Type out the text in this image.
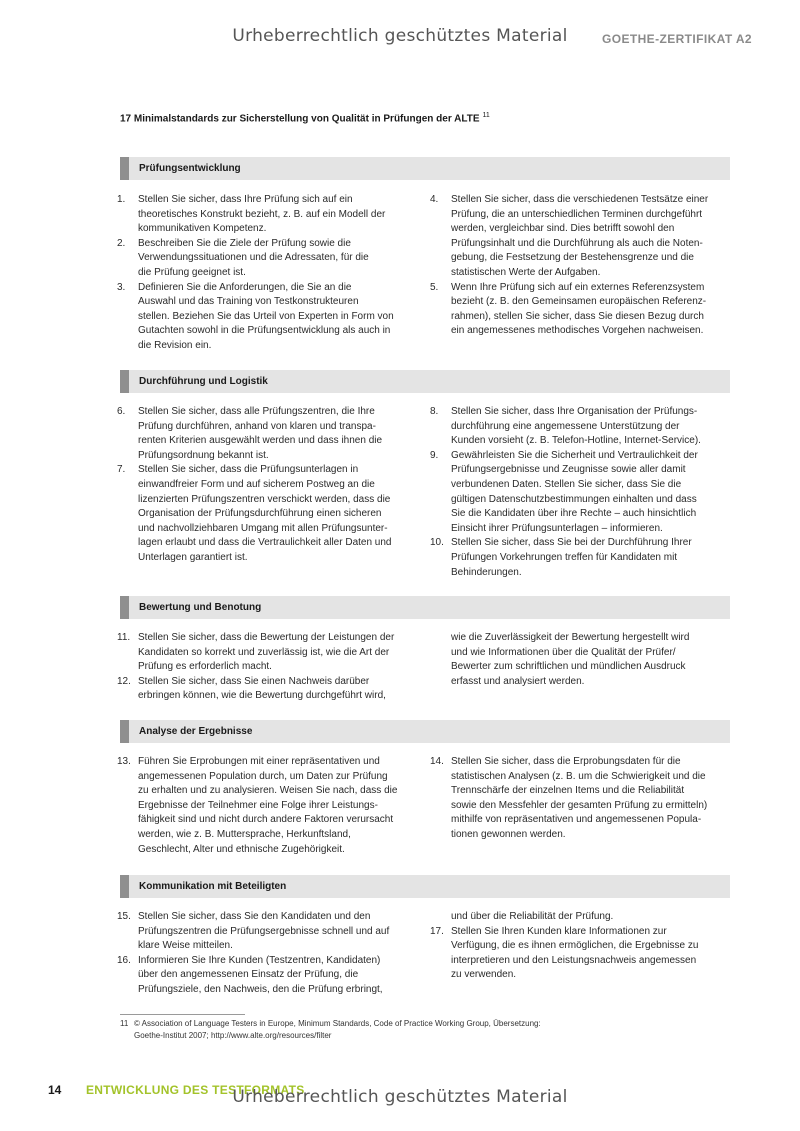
Urheberrechtlich geschütztes Material	GOETHE-ZERTIFIKAT A2
17 Minimalstandards zur Sicherstellung von Qualität in Prüfungen der ALTE $^{11}$
Prüfungsentwicklung
1.	Stellen Sie sicher, dass Ihre Prüfung sich auf ein
theoretisches Konstrukt bezieht, z. B. auf ein Modell der
kommunikativen Kompetenz.
2.	Beschreiben Sie die Ziele der Prüfung sowie die
Verwendungssituationen und die Adressaten, für die
die Prüfung geeignet ist.
3.	Definieren Sie die Anforderungen, die Sie an die
Auswahl und das Training von Testkonstrukteuren
stellen. Beziehen Sie das Urteil von Experten in Form von
Gutachten sowohl in die Prüfungsentwicklung als auch in
die Revision ein.
4.	Stellen Sie sicher, dass die verschiedenen Testsätze einer
Prüfung, die an unterschiedlichen Terminen durchgeführt
werden, vergleichbar sind. Dies betrifft sowohl den
Prüfungsinhalt und die Durchführung als auch die Noten-
gebung, die Festsetzung der Bestehensgrenze und die
statistischen Werte der Aufgaben.
5.	Wenn Ihre Prüfung sich auf ein externes Referenzsystem
bezieht (z. B. den Gemeinsamen europäischen Referenz-
rahmen), stellen Sie sicher, dass Sie diesen Bezug durch
ein angemessenes methodisches Vorgehen nachweisen.
Durchführung und Logistik
6.	Stellen Sie sicher, dass alle Prüfungszentren, die Ihre
Prüfung durchführen, anhand von klaren und transpa-
renten Kriterien ausgewählt werden und dass ihnen die
Prüfungsordnung bekannt ist.
7.	Stellen Sie sicher, dass die Prüfungsunterlagen in
einwandfreier Form und auf sicherem Postweg an die
lizenzierten Prüfungszentren verschickt werden, dass die
Organisation der Prüfungsdurchführung einen sicheren
und nachvollziehbaren Umgang mit allen Prüfungsunter-
lagen erlaubt und dass die Vertraulichkeit aller Daten und
Unterlagen garantiert ist.
8.	Stellen Sie sicher, dass Ihre Organisation der Prüfungs-
durchführung eine angemessene Unterstützung der
Kunden vorsieht (z. B. Telefon-Hotline, Internet-Service).
9.	Gewährleisten Sie die Sicherheit und Vertraulichkeit der
Prüfungsergebnisse und Zeugnisse sowie aller damit
verbundenen Daten. Stellen Sie sicher, dass Sie die
gültigen Datenschutzbestimmungen einhalten und dass
Sie die Kandidaten über ihre Rechte – auch hinsichtlich
Einsicht ihrer Prüfungsunterlagen – informieren.
10. Stellen Sie sicher, dass Sie bei der Durchführung Ihrer
Prüfungen Vorkehrungen treffen für Kandidaten mit
Behinderungen.
Bewertung und Benotung
11. Stellen Sie sicher, dass die Bewertung der Leistungen der
Kandidaten so korrekt und zuverlässig ist, wie die Art der
Prüfung es erforderlich macht.
12. Stellen Sie sicher, dass Sie einen Nachweis darüber
erbringen können, wie die Bewertung durchgeführt wird,
wie die Zuverlässigkeit der Bewertung hergestellt wird
und wie Informationen über die Qualität der Prüfer/
Bewerter zum schriftlichen und mündlichen Ausdruck
erfasst und analysiert werden.
Analyse der Ergebnisse
13. Führen Sie Erprobungen mit einer repräsentativen und
angemessenen Population durch, um Daten zur Prüfung
zu erhalten und zu analysieren. Weisen Sie nach, dass die
Ergebnisse der Teilnehmer eine Folge ihrer Leistungs-
fähigkeit sind und nicht durch andere Faktoren verursacht
werden, wie z. B. Muttersprache, Herkunftsland,
Geschlecht, Alter und ethnische Zugehörigkeit.
14. Stellen Sie sicher, dass die Erprobungsdaten für die
statistischen Analysen (z. B. um die Schwierigkeit und die
Trennschärfe der einzelnen Items und die Reliabilität
sowie den Messfehler der gesamten Prüfung zu ermitteln)
mithilfe von repräsentativen und angemessenen Popula-
tionen gewonnen werden.
Kommunikation mit Beteiligten
15. Stellen Sie sicher, dass Sie den Kandidaten und den
Prüfungszentren die Prüfungsergebnisse schnell und auf
klare Weise mitteilen.
16. Informieren Sie Ihre Kunden (Testzentren, Kandidaten)
über den angemessenen Einsatz der Prüfung, die
Prüfungsziele, den Nachweis, den die Prüfung erbringt,
und über die Reliabilität der Prüfung.
17. Stellen Sie Ihren Kunden klare Informationen zur
Verfügung, die es ihnen ermöglichen, die Ergebnisse zu
interpretieren und den Leistungsnachweis angemessen
zu verwenden.
11 © Association of Language Testers in Europe, Minimum Standards, Code of Practice Working Group, Übersetzung:
Goethe-Institut 2007; http://www.alte.org/resources/filter
14 ENTWICKLUNG DES TESTFORMATS
Urheberrechtlich geschütztes Material
